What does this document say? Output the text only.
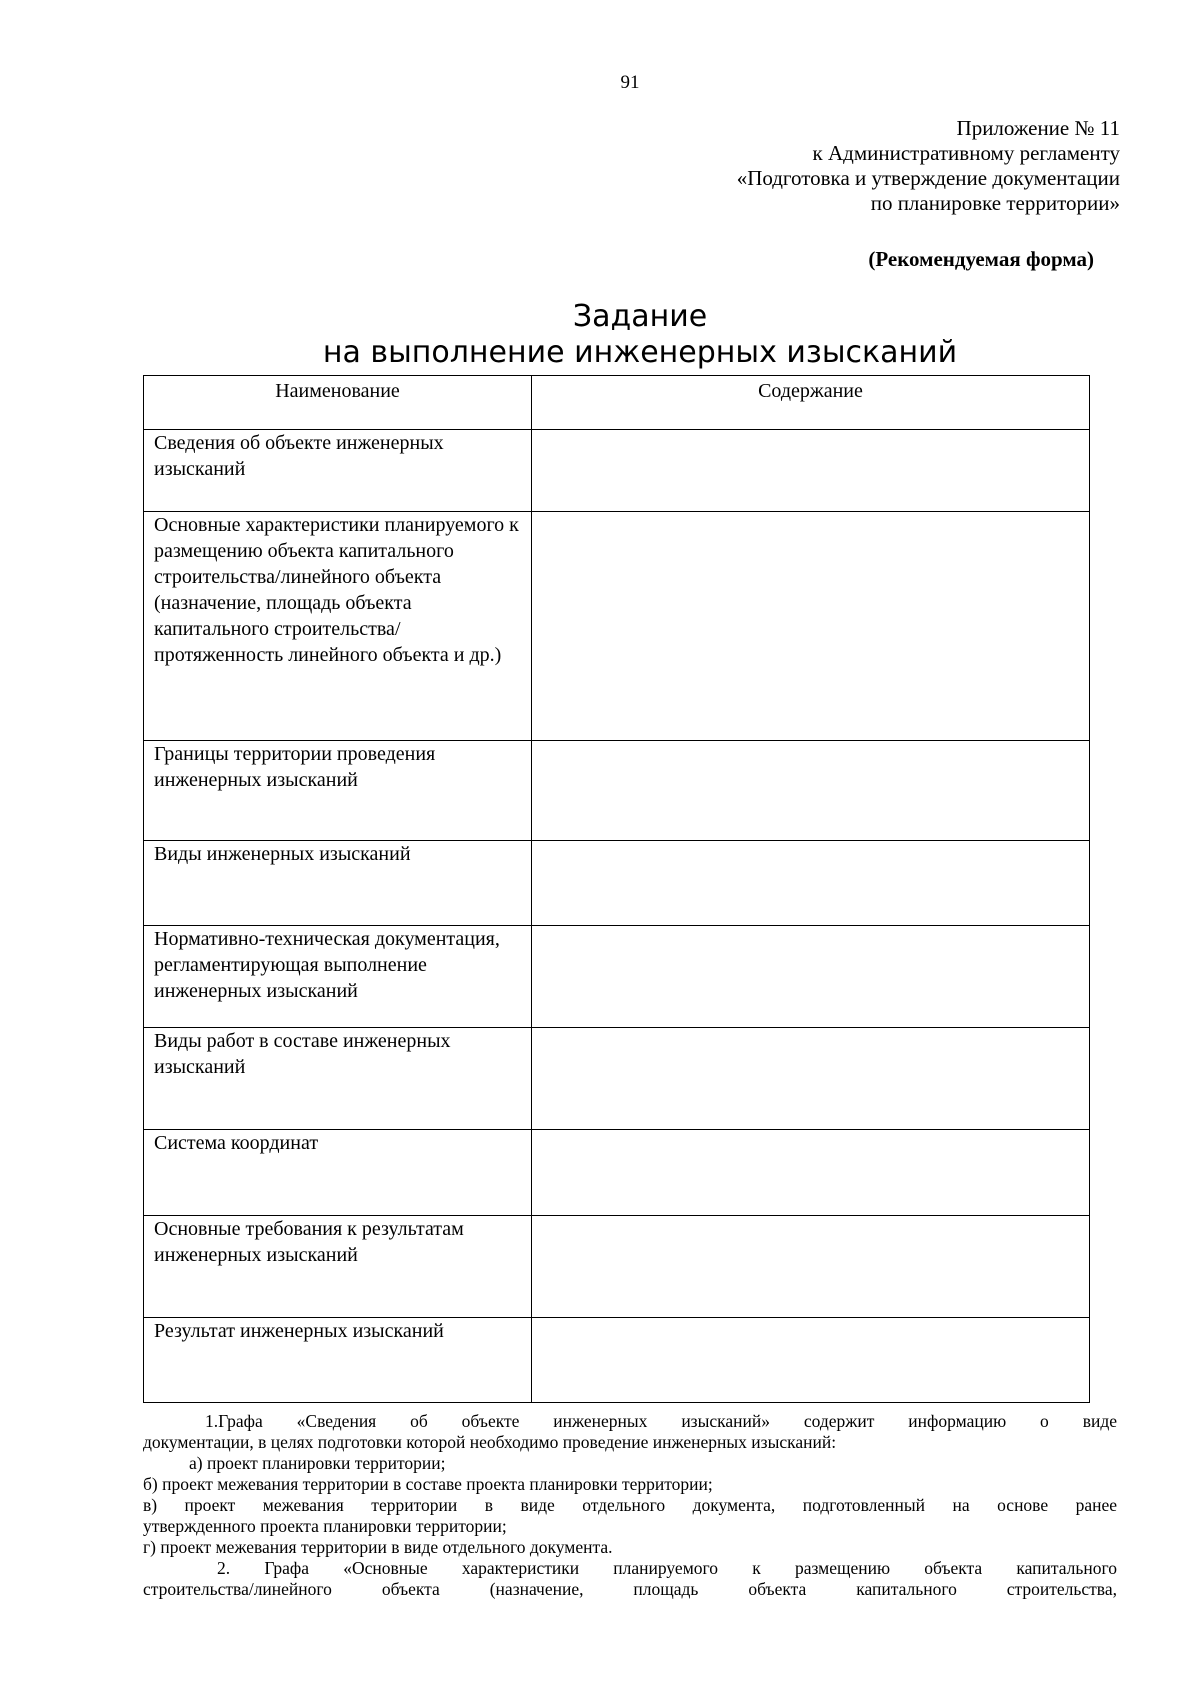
91
Приложение № 11
к Административному регламенту
«Подготовка и утверждение документации
по планировке территории»
(Рекомендуемая форма)
Задание
на выполнение инженерных изысканий
Наименование	Содержание
Сведения об объекте инженерных изысканий	
Основные характеристики планируемого к размещению объекта капитального строительства/линейного объекта (назначение, площадь объекта капитального строительства/протяженность линейного объекта и др.)	
Границы территории проведения инженерных изысканий	
Виды инженерных изысканий	
Нормативно-техническая документация, регламентирующая выполнение инженерных изысканий	
Виды работ в составе инженерных изысканий	
Система координат	
Основные требования к результатам инженерных изысканий	
Результат инженерных изысканий	

1.Графа «Сведения об объекте инженерных изысканий» содержит информацию о виде

документации, в целях подготовки которой необходимо проведение инженерных изысканий:

а) проект планировки территории;

б) проект межевания территории в составе проекта планировки территории;

в) проект межевания территории в виде отдельного документа, подготовленный на основе ранее

утвержденного проекта планировки территории;

г) проект межевания территории в виде отдельного документа.

2. Графа «Основные характеристики планируемого к размещению объекта капитального

строительства/линейного объекта (назначение, площадь объекта капитального строительства,
